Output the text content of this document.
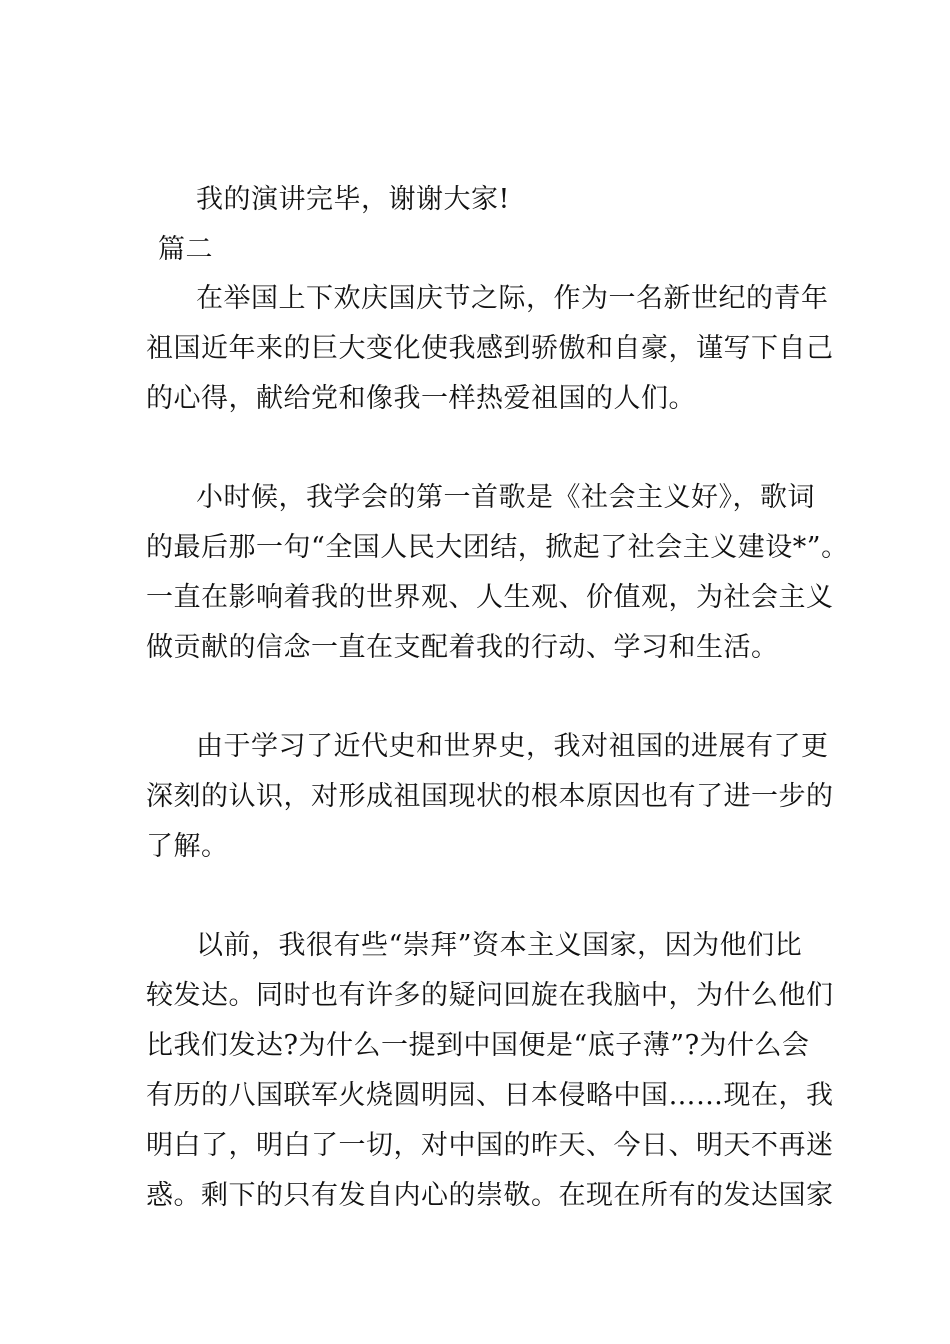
我的演讲完毕，谢谢大家!
篇二
在举国上下欢庆国庆节之际，作为一名新世纪的青年
祖国近年来的巨大变化使我感到骄傲和自豪，谨写下自己
的心得，献给党和像我一样热爱祖国的人们。
小时候，我学会的第一首歌是《社会主义好》，歌词
的最后那一句“全国人民大团结，掀起了社会主义建设*”。
一直在影响着我的世界观、人生观、价值观，为社会主义
做贡献的信念一直在支配着我的行动、学习和生活。
由于学习了近代史和世界史，我对祖国的进展有了更
深刻的认识，对形成祖国现状的根本原因也有了进一步的
了解。
以前，我很有些“崇拜”资本主义国家，因为他们比
较发达。同时也有许多的疑问回旋在我脑中，为什么他们
比我们发达?为什么一提到中国便是“底子薄”?为什么会
有历的八国联军火烧圆明园、日本侵略中国……现在，我
明白了，明白了一切，对中国的昨天、今日、明天不再迷
惑。剩下的只有发自内心的崇敬。在现在所有的发达国家
